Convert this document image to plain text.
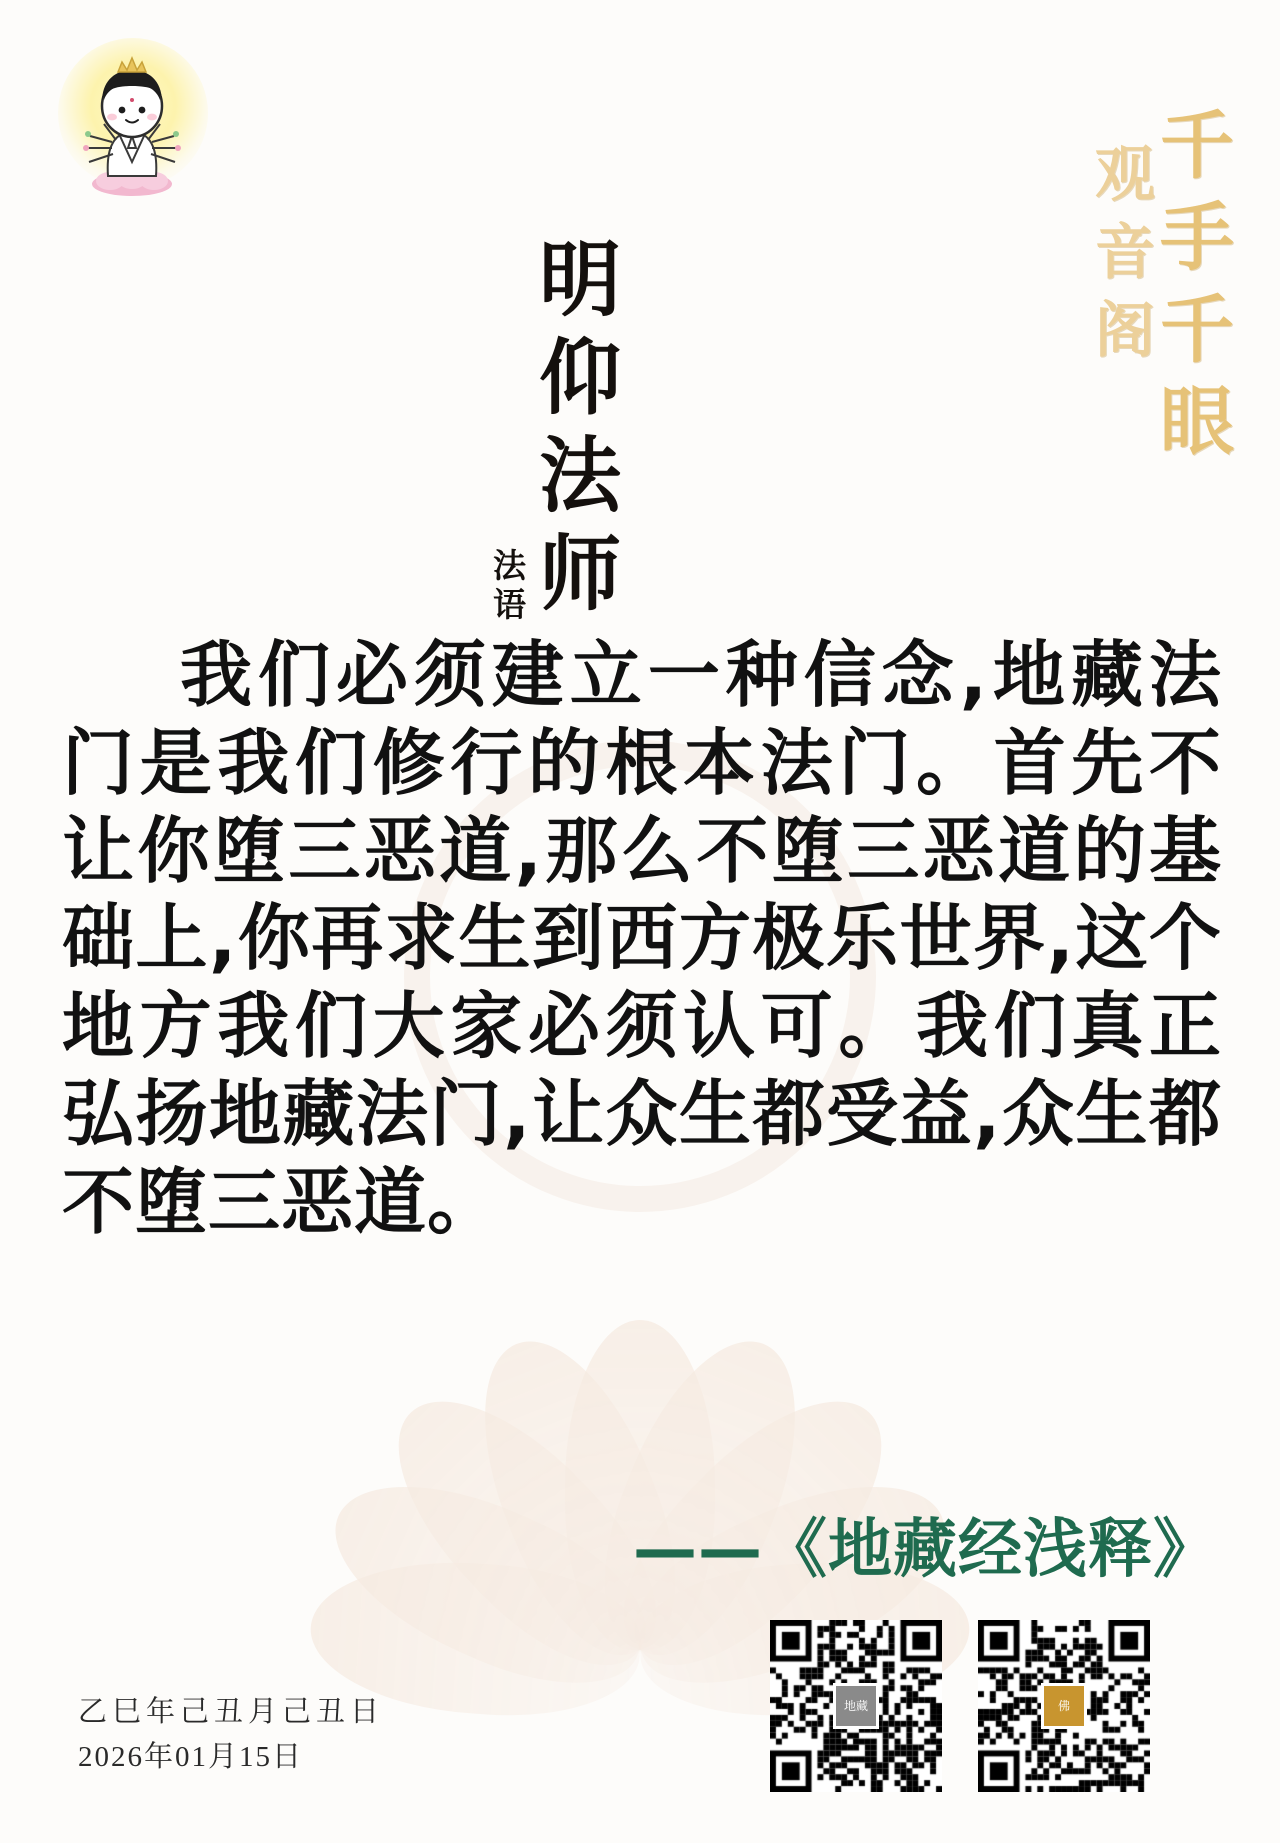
千手千眼
观音阁
明仰法师
法语
我们必须建立一种信念,地藏法门是我们修行的根本法门。首先不让你堕三恶道,那么不堕三恶道的基础上,你再求生到西方极乐世界,这个地方我们大家必须认可。我们真正弘扬地藏法门,让众生都受益,众生都不堕三恶道。
——《地藏经浅释》
乙巳年己丑月己丑日
2026年01月15日
地藏	佛
